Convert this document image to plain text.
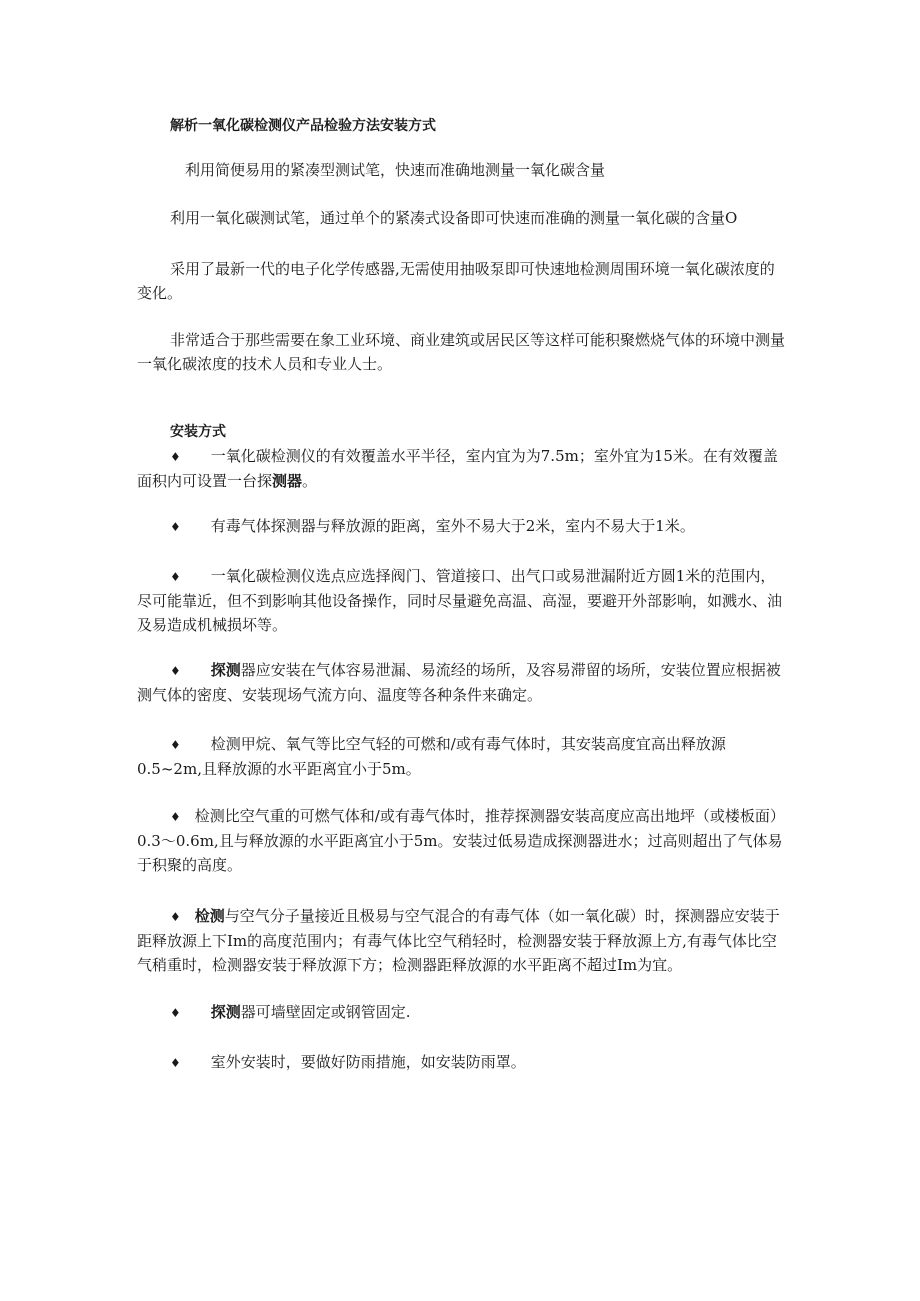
解析一氧化碳检测仪产品检验方法安装方式

利用简便易用的紧凑型测试笔，快速而准确地测量一氧化碳含量

利用一氧化碳测试笔，通过单个的紧凑式设备即可快速而准确的测量一氧化碳的含量O

采用了最新一代的电子化学传感器,无需使用抽吸泵即可快速地检测周围环境一氧化碳浓度的变化。

非常适合于那些需要在象工业环境、商业建筑或居民区等这样可能积聚燃烧气体的环境中测量一氧化碳浓度的技术人员和专业人士。

安装方式

♦ 一氧化碳检测仪的有效覆盖水平半径，室内宜为为7.5m；室外宜为15米。在有效覆盖面积内可设置一台探测器。

♦ 有毒气体探测器与释放源的距离，室外不易大于2米，室内不易大于1米。

♦ 一氧化碳检测仪选点应选择阀门、管道接口、出气口或易泄漏附近方圆1米的范围内，尽可能靠近，但不到影响其他设备操作，同时尽量避免高温、高湿，要避开外部影响，如溅水、油及易造成机械损坏等。

♦ 探测器应安装在气体容易泄漏、易流经的场所，及容易滞留的场所，安装位置应根据被测气体的密度、安装现场气流方向、温度等各种条件来确定。

♦ 检测甲烷、氧气等比空气轻的可燃和/或有毒气体时，其安装高度宜高出释放源0.5~2m,且释放源的水平距离宜小于5m。

♦ 检测比空气重的可燃气体和/或有毒气体时，推荐探测器安装高度应高出地坪（或楼板面）0.3～0.6m,且与释放源的水平距离宜小于5m。安装过低易造成探测器进水；过高则超出了气体易于积聚的高度。

♦ 检测与空气分子量接近且极易与空气混合的有毒气体（如一氧化碳）时，探测器应安装于距释放源上下Im的高度范围内；有毒气体比空气稍轻时，检测器安装于释放源上方,有毒气体比空气稍重时，检测器安装于释放源下方；检测器距释放源的水平距离不超过Im为宜。

♦ 探测器可墙壁固定或钢管固定.

♦ 室外安装时，要做好防雨措施，如安装防雨罩。
